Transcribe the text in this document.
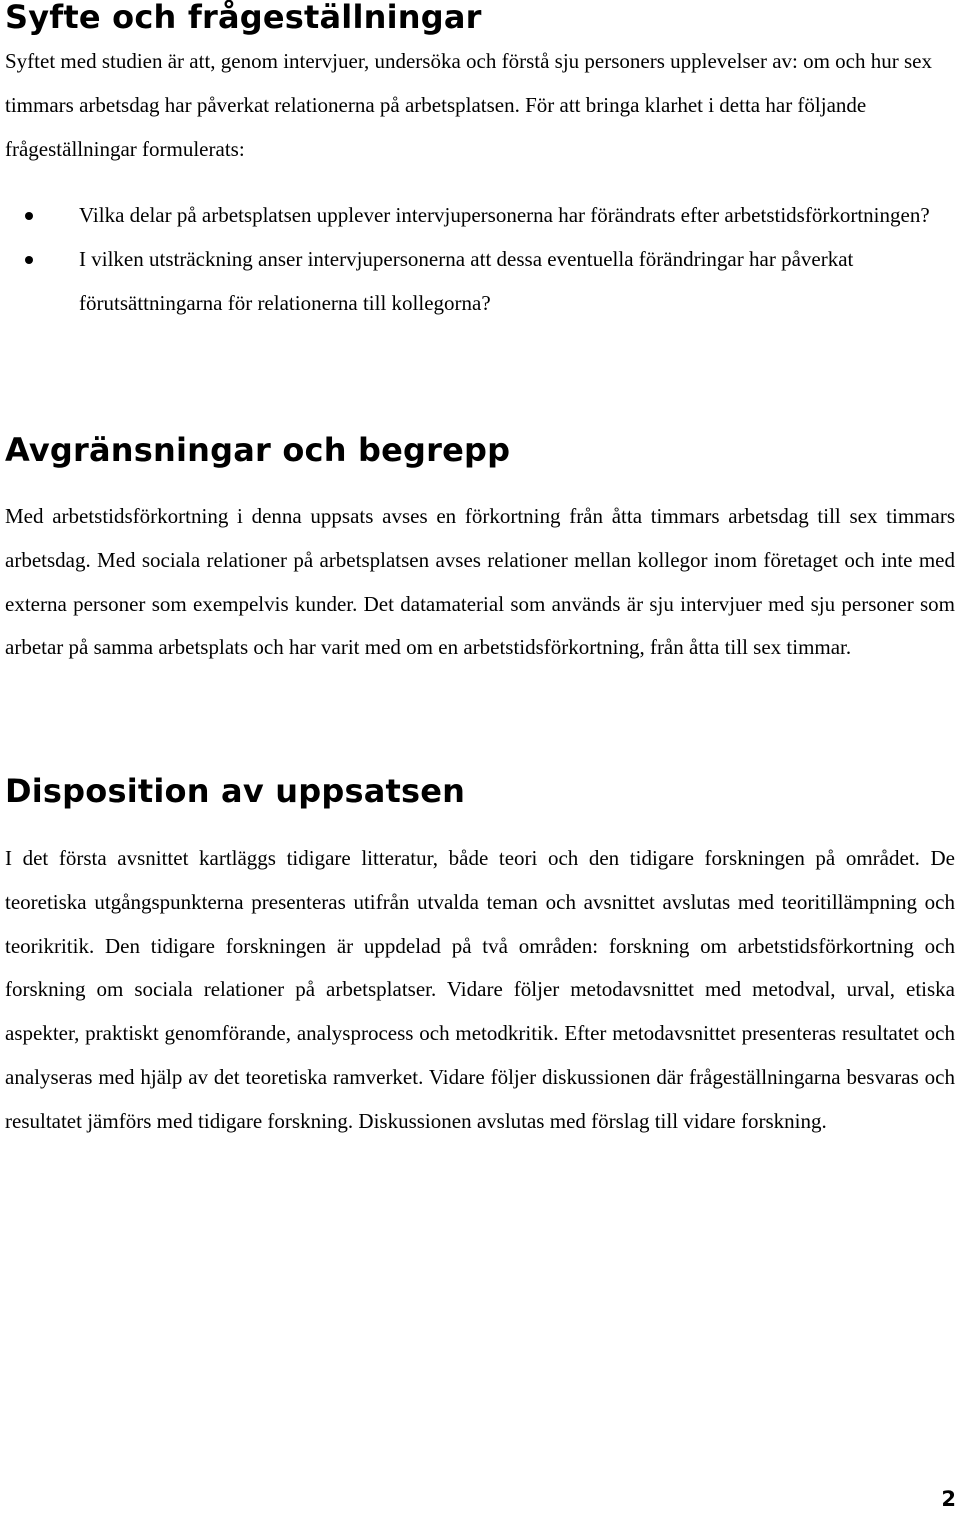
Syfte och frågeställningar

Syftet med studien är att, genom intervjuer, undersöka och förstå sju personers upplevelser av: om och hur sex timmars arbetsdag har påverkat relationerna på arbetsplatsen. För att bringa klarhet i detta har följande frågeställningar formulerats:

Vilka delar på arbetsplatsen upplever intervjupersonerna har förändrats efter arbetstidsförkortningen?
I vilken utsträckning anser intervjupersonerna att dessa eventuella förändringar har påverkat förutsättningarna för relationerna till kollegorna?
Avgränsningar och begrepp

Med arbetstidsförkortning i denna uppsats avses en förkortning från åtta timmars arbetsdag till sex timmars arbetsdag. Med sociala relationer på arbetsplatsen avses relationer mellan kollegor inom företaget och inte med externa personer som exempelvis kunder. Det datamaterial som används är sju intervjuer med sju personer som arbetar på samma arbetsplats och har varit med om en arbetstidsförkortning, från åtta till sex timmar.

Disposition av uppsatsen

I det första avsnittet kartläggs tidigare litteratur, både teori och den tidigare forskningen på området. De teoretiska utgångspunkterna presenteras utifrån utvalda teman och avsnittet avslutas med teoritillämpning och teorikritik. Den tidigare forskningen är uppdelad på två områden: forskning om arbetstidsförkortning och forskning om sociala relationer på arbetsplatser. Vidare följer metodavsnittet med metodval, urval, etiska aspekter, praktiskt genomförande, analysprocess och metodkritik. Efter metodavsnittet presenteras resultatet och analyseras med hjälp av det teoretiska ramverket. Vidare följer diskussionen där frågeställningarna besvaras och resultatet jämförs med tidigare forskning. Diskussionen avslutas med förslag till vidare forskning.

2
